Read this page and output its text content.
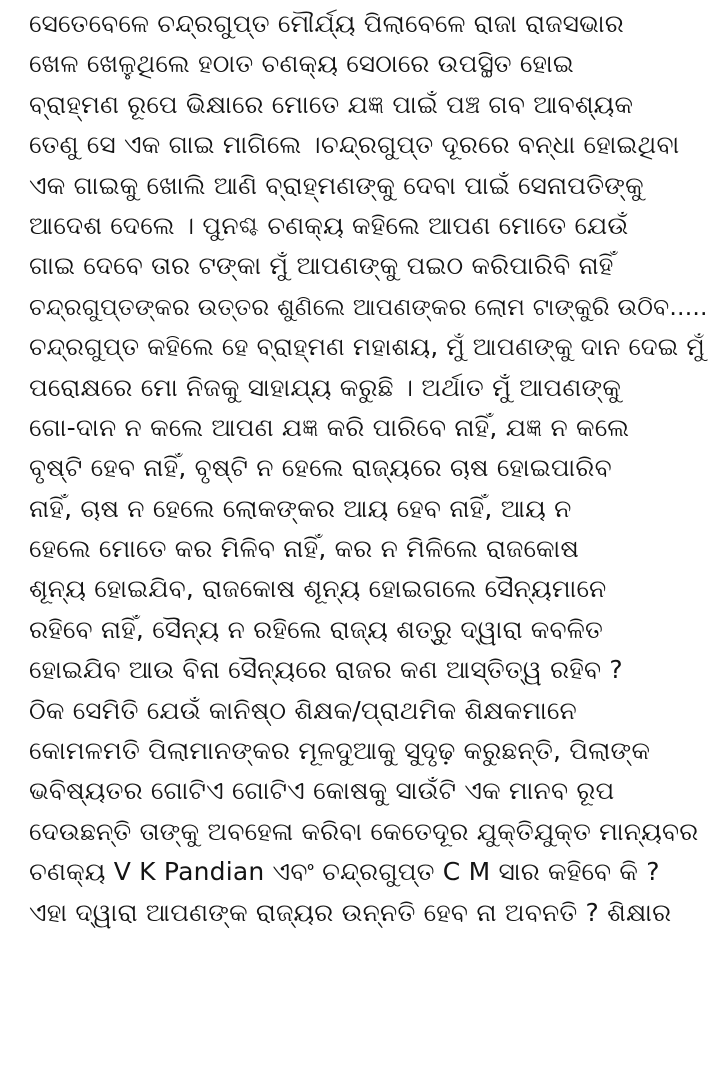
ସେତେବେଳେ ଚନ୍ଦ୍ରଗୁପ୍ତ ମୌର୍ଯ୍ୟ ପିଲାବେଳେ ରାଜା ରାଜସଭାର
ଖେଳ ଖେଳୁଥିଲେ ହଠାତ ଚଣକ୍ୟ ସେଠାରେ ଉପସ୍ଥିତ ହୋଇ
ବ୍ରାହ୍ମଣ ରୂପେ ଭିକ୍ଷାରେ ମୋତେ ଯଜ୍ଞ ପାଇଁ ପଞ୍ଚ ଗବ ଆବଶ୍ୟକ
ତେଣୁ ସେ ଏକ ଗାଇ ମାଗିଲେ ।ଚନ୍ଦ୍ରଗୁପ୍ତ ଦୂରରେ ବନ୍ଧା ହୋଇଥିବା
ଏକ ଗାଇକୁ ଖୋଲି ଆଣି ବ୍ରାହ୍ମଣଙ୍କୁ ଦେବା ପାଇଁ ସେନାପତିଙ୍କୁ
ଆଦେଶ ଦେଲେ । ପୁନଶ୍ଚ ଚଣକ୍ୟ କହିଲେ ଆପଣ ମୋତେ ଯେଉଁ
ଗାଇ ଦେବେ ତାର ଟଙ୍କା ମୁଁ ଆପଣଙ୍କୁ ପଇଠ କରିପାରିବି ନାହିଁ
ଚନ୍ଦ୍ରଗୁପ୍ତଙ୍କର ଉତ୍ତର ଶୁଣିଲେ ଆପଣଙ୍କର ଲୋମ ଟାଙ୍କୁରି ଉଠିବ.....
ଚନ୍ଦ୍ରଗୁପ୍ତ କହିଲେ ହେ ବ୍ରାହ୍ମଣ ମହାଶୟ, ମୁଁ ଆପଣଙ୍କୁ ଦାନ ଦେଇ ମୁଁ
ପରୋକ୍ଷରେ ମୋ ନିଜକୁ ସାହାଯ୍ୟ କରୁଛି । ଅର୍ଥାତ ମୁଁ ଆପଣଙ୍କୁ
ଗୋ-ଦାନ ନ କଲେ ଆପଣ ଯଜ୍ଞ କରି ପାରିବେ ନାହିଁ, ଯଜ୍ଞ ନ କଲେ
ବୃଷ୍ଟି ହେବ ନାହିଁ, ବୃଷ୍ଟି ନ ହେଲେ ରାଜ୍ୟରେ ଚାଷ ହୋଇପାରିବ
ନାହିଁ, ଚାଷ ନ ହେଲେ ଲୋକଙ୍କର ଆୟ ହେବ ନାହିଁ, ଆୟ ନ
ହେଲେ ମୋତେ କର ମିଳିବ ନାହିଁ, କର ନ ମିଳିଲେ ରାଜକୋଷ
ଶୂନ୍ୟ ହୋଇଯିବ, ରାଜକୋଷ ଶୂନ୍ୟ ହୋଇଗଲେ ସୈନ୍ୟମାନେ
ରହିବେ ନାହିଁ, ସୈନ୍ୟ ନ ରହିଲେ ରାଜ୍ୟ ଶତ୍ରୁ ଦ୍ୱାରା କବଳିତ
ହୋଇଯିବ ଆଉ ବିନା ସୈନ୍ୟରେ ରାଜର କଣ ଆସ୍ତିତ୍ୱ ରହିବ ?
ଠିକ ସେମିତି ଯେଉଁ କାନିଷ୍ଠ ଶିକ୍ଷକ/ପ୍ରାଥମିକ ଶିକ୍ଷକମାନେ
କୋମଳମତି ପିଲାମାନଙ୍କର ମୂଳଦୁଆକୁ ସୁଦୃଢ଼ କରୁଛନ୍ତି, ପିଲାଙ୍କ
ଭବିଷ୍ୟତର ଗୋଟିଏ ଗୋଟିଏ କୋଷକୁ ସାଉଁଟି ଏକ ମାନବ ରୂପ
ଦେଉଛନ୍ତି ତାଙ୍କୁ ଅବହେଳା କରିବା କେତେଦୂର ଯୁକ୍ତିଯୁକ୍ତ ମାନ୍ୟବର
ଚଣକ୍ୟ V K Pandian ଏବଂ ଚନ୍ଦ୍ରଗୁପ୍ତ C M ସାର କହିବେ କି ?
ଏହା ଦ୍ୱାରା ଆପଣଙ୍କ ରାଜ୍ୟର ଉନ୍ନତି ହେବ ନା ଅବନତି ? ଶିକ୍ଷାର
